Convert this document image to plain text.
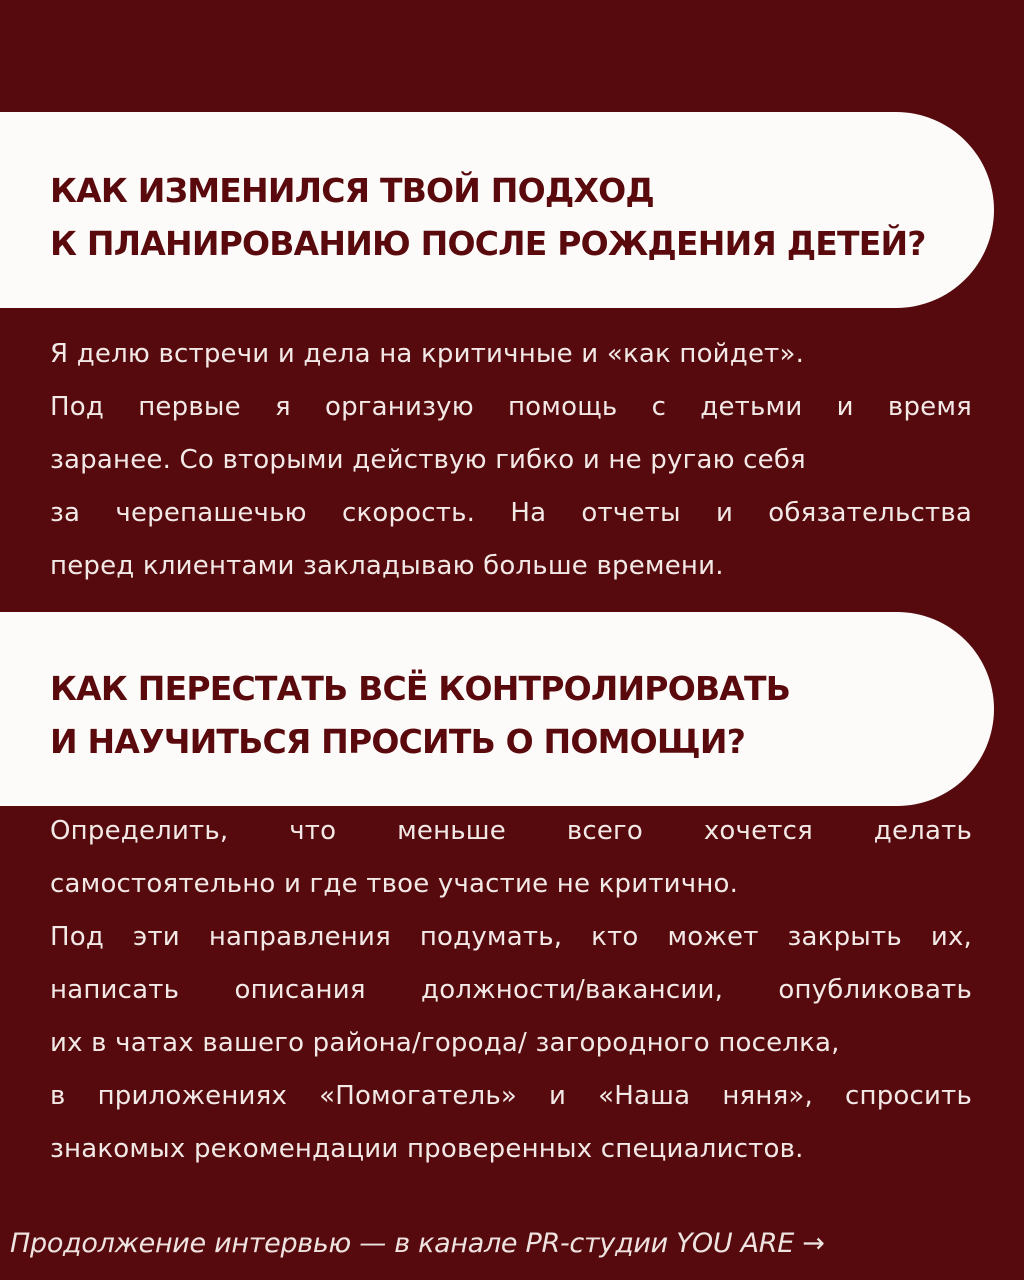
КАК ИЗМЕНИЛСЯ ТВОЙ ПОДХОД
К ПЛАНИРОВАНИЮ ПОСЛЕ РОЖДЕНИЯ ДЕТЕЙ?

Я делю встречи и дела на критичные и «как пойдет».
Под первые я организую помощь с детьми и время
заранее. Со вторыми действую гибко и не ругаю себя
за черепашечью скорость. На отчеты и обязательства
перед клиентами закладываю больше времени.

КАК ПЕРЕСТАТЬ ВСЁ КОНТРОЛИРОВАТЬ
И НАУЧИТЬСЯ ПРОСИТЬ О ПОМОЩИ?

Определить, что меньше всего хочется делать
самостоятельно и где твое участие не критично.
Под эти направления подумать, кто может закрыть их,
написать описания должности/вакансии, опубликовать
их в чатах вашего района/города/ загородного поселка,
в приложениях «Помогатель» и «Наша няня», спросить
знакомых рекомендации проверенных специалистов.

Продолжение интервью — в канале PR-студии YOU ARE →
